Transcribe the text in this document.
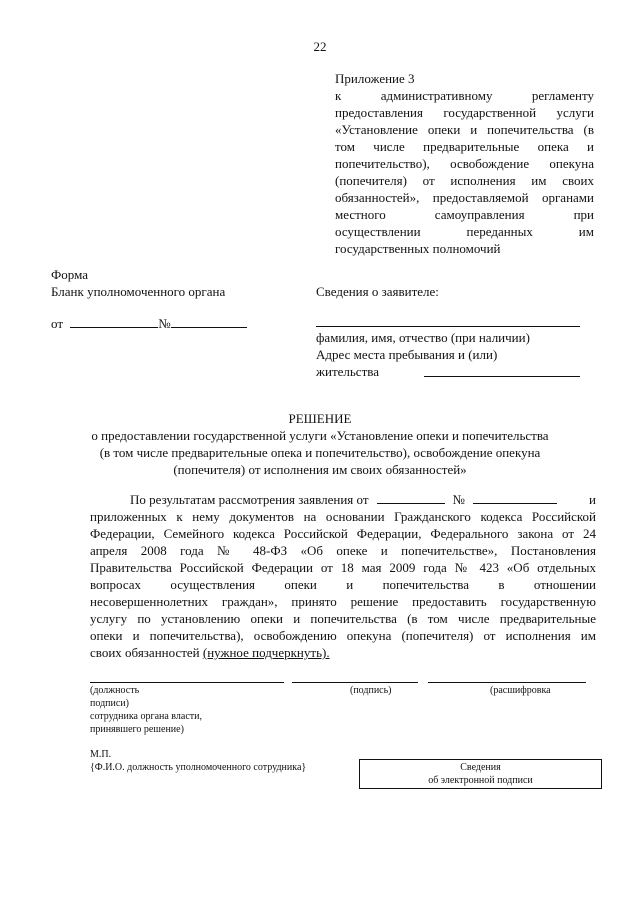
22
Приложение 3
к административному регламенту
предоставления государственной услуги
«Установление опеки и попечительства (в
том числе предварительные опека и
попечительство), освобождение опекуна
(попечителя) от исполнения им своих
обязанностей», предоставляемой органами
местного самоуправления при
осуществлении переданных им
государственных полномочий
Форма
Бланк уполномоченного органа
от	№
Сведения о заявителе:
фамилия, имя, отчество (при наличии)
Адрес места пребывания и (или)
жительства
РЕШЕНИЕ
о предоставлении государственной услуги «Установление опеки и попечительства
(в том числе предварительные опека и попечительство), освобождение опекуна
(попечителя) от исполнения им своих обязанностей»
По результатам рассмотрения заявления от	№	и
приложенных к нему документов на основании Гражданского кодекса Российской
Федерации, Семейного кодекса Российской Федерации, Федерального закона от 24
апреля 2008 года № 48-ФЗ «Об опеке и попечительстве», Постановления
Правительства Российской Федерации от 18 мая 2009 года № 423 «Об отдельных
вопросах осуществления опеки и попечительства в отношении
несовершеннолетних граждан», принято решение предоставить государственную
услугу по установлению опеки и попечительства (в том числе предварительные
опеки и попечительства), освобождению опекуна (попечителя) от исполнения им
своих обязанностей (нужное подчеркнуть).
(должность
подписи)
сотрудника органа власти,
принявшего решение)
(подпись)	(расшифровка
М.П.
{Ф.И.О. должность уполномоченного сотрудника}	Сведения
об электронной подписи
